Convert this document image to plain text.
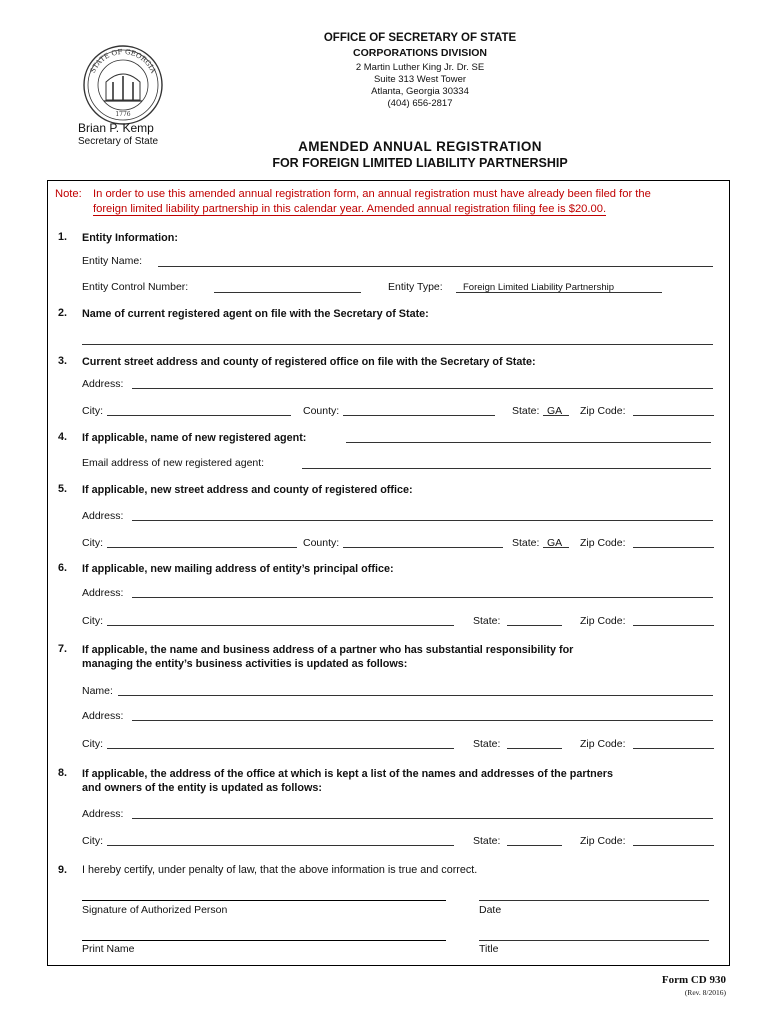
STATE OF GEORGIA
1776
OFFICE OF SECRETARY OF STATE
CORPORATIONS DIVISION
2 Martin Luther King Jr. Dr. SE
Suite 313 West Tower
Atlanta, Georgia 30334
(404) 656-2817
Brian P. Kemp
Secretary of State	AMENDED ANNUAL REGISTRATION
FOR FOREIGN LIMITED LIABILITY PARTNERSHIP
Note: In order to use this amended annual registration form, an annual registration must have already been filed for the
foreign limited liability partnership in this calendar year. Amended annual registration filing fee is $20.00.
1. Entity Information:
Entity Name:
Entity Control Number:	Entity Type: Foreign Limited Liability Partnership
2. Name of current registered agent on file with the Secretary of State:
3. Current street address and county of registered office on file with the Secretary of State:
Address:
City:	County:	State: GA Zip Code:
4. If applicable, name of new registered agent:
Email address of new registered agent:
5. If applicable, new street address and county of registered office:
Address:
City:	County:	State: GA Zip Code:
6. If applicable, new mailing address of entity’s principal office:
Address:
City:	State:	Zip Code:
7. If applicable, the name and business address of a partner who has substantial responsibility for
managing the entity’s business activities is updated as follows:
Name:
Address:
City:	State:	Zip Code:
8. If applicable, the address of the office at which is kept a list of the names and addresses of the partners
and owners of the entity is updated as follows:
Address:
City:	State:	Zip Code:
9. I hereby certify, under penalty of law, that the above information is true and correct.
Signature of Authorized Person	Date
Print Name	Title
Form CD 930
(Rev. 8/2016)
